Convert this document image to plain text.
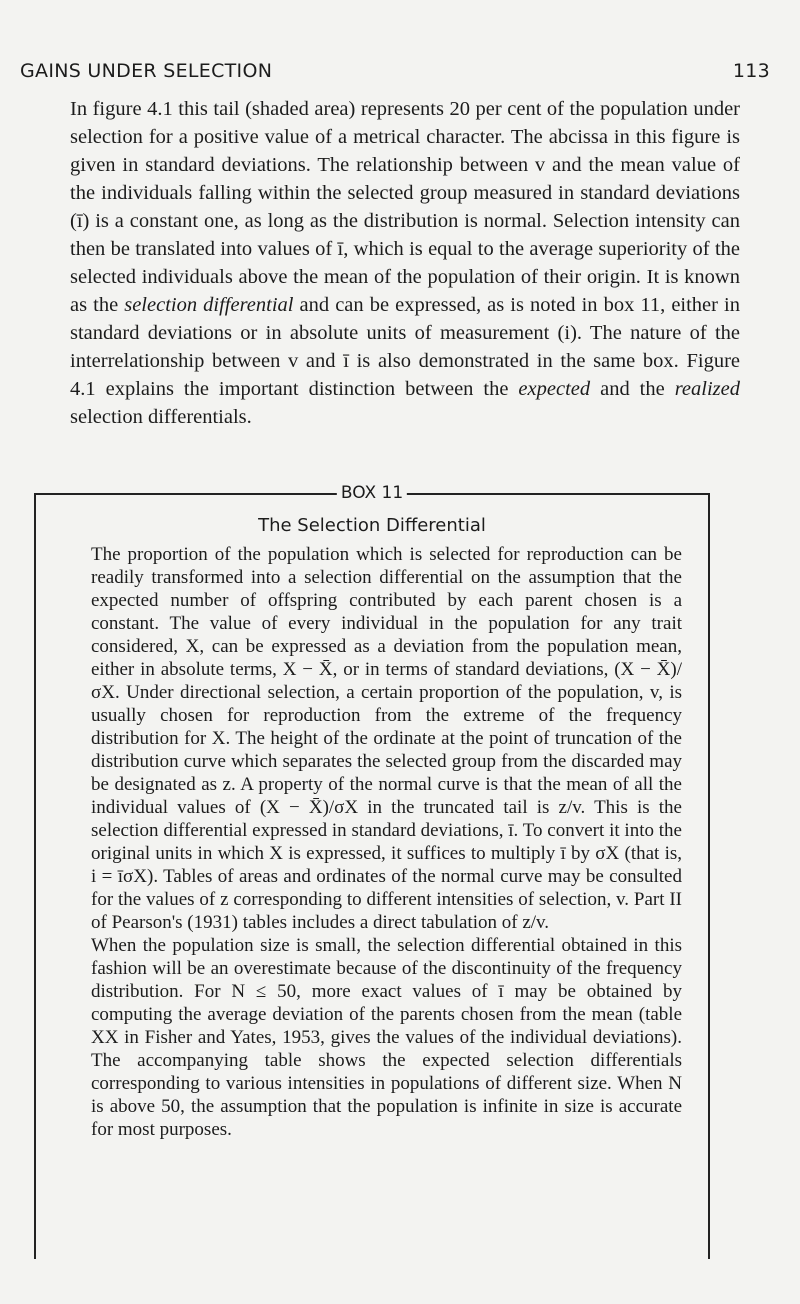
GAINS UNDER SELECTION	113

In figure 4.1 this tail (shaded area) represents 20 per cent of the population under selection for a positive value of a metrical character. The abcissa in this figure is given in standard deviations. The relationship between v and the mean value of the individuals falling within the selected group measured in standard deviations (ī) is a constant one, as long as the distribution is normal. Selection intensity can then be translated into values of ī, which is equal to the average superiority of the selected individuals above the mean of the population of their origin. It is known as the selection differential and can be expressed, as is noted in box 11, either in standard deviations or in absolute units of measurement (i). The nature of the interrelationship between v and ī is also demonstrated in the same box. Figure 4.1 explains the important distinction between the expected and the realized selection differentials.

BOX 11
The Selection Differential

The proportion of the population which is selected for reproduction can be readily transformed into a selection differential on the assumption that the expected number of offspring contributed by each parent chosen is a constant. The value of every individual in the population for any trait considered, X, can be expressed as a deviation from the population mean, either in absolute terms, X − X̄, or in terms of standard deviations, (X − X̄)/σX. Under directional selection, a certain proportion of the population, v, is usually chosen for reproduction from the extreme of the frequency distribution for X. The height of the ordinate at the point of truncation of the distribution curve which separates the selected group from the discarded may be designated as z. A property of the normal curve is that the mean of all the individual values of (X − X̄)/σX in the truncated tail is z/v. This is the selection differential expressed in standard deviations, ī. To convert it into the original units in which X is expressed, it suffices to multiply ī by σX (that is, i = īσX). Tables of areas and ordinates of the normal curve may be consulted for the values of z corresponding to different intensities of selection, v. Part II of Pearson's (1931) tables includes a direct tabulation of z/v.

When the population size is small, the selection differential obtained in this fashion will be an overestimate because of the discontinuity of the frequency distribution. For N ≤ 50, more exact values of ī may be obtained by computing the average deviation of the parents chosen from the mean (table XX in Fisher and Yates, 1953, gives the values of the individual deviations). The accompanying table shows the expected selection differentials corresponding to various intensities in populations of different size. When N is above 50, the assumption that the population is infinite in size is accurate for most purposes.
